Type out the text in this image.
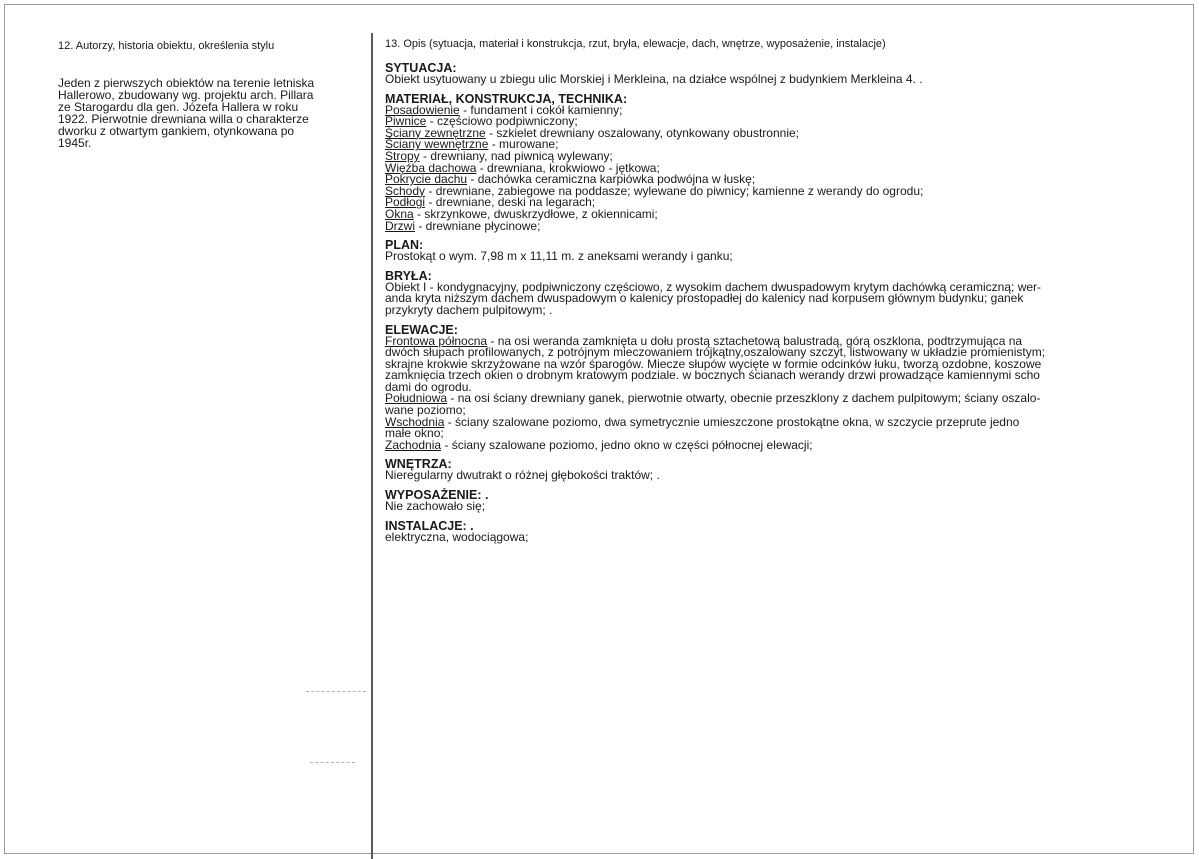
12. Autorzy, historia obiektu, określenia stylu
Jeden z pierwszych obiektów na terenie letniska
Hallerowo, zbudowany wg. projektu arch. Pillara
ze Starogardu dla gen. Józefa Hallera w roku
1922. Pierwotnie drewniana willa o charakterze
dworku z otwartym gankiem, otynkowana po
1945r.
13. Opis (sytuacja, materiał i konstrukcja, rzut, bryła, elewacje, dach, wnętrze, wyposażenie, instalacje)
SYTUACJA:
Obiekt usytuowany u zbiegu ulic Morskiej i Merkleina, na działce wspólnej z budynkiem Merkleina 4. .
MATERIAŁ, KONSTRUKCJA, TECHNIKA:
Posadowienie - fundament i cokół kamienny;
Piwnice - częściowo podpiwniczony;
Ściany zewnętrzne - szkielet drewniany oszalowany, otynkowany obustronnie;
Ściany wewnętrzne - murowane;
Stropy - drewniany, nad piwnicą wylewany;
Więźba dachowa - drewniana, krokwiowo - jętkowa;
Pokrycie dachu - dachówka ceramiczna karpiówka podwójna w łuskę;
Schody - drewniane, zabiegowe na poddasze; wylewane do piwnicy; kamienne z werandy do ogrodu;
Podłogi - drewniane, deski na legarach;
Okna - skrzynkowe, dwuskrzydłowe, z okiennicami;
Drzwi - drewniane płycinowe;
PLAN:
Prostokąt o wym. 7,98 m x 11,11 m. z aneksami werandy i ganku;
BRYŁA:
Obiekt I - kondygnacyjny, podpiwniczony częściowo, z wysokim dachem dwuspadowym krytym dachówką ceramiczną; wer-
anda kryta niższym dachem dwuspadowym o kalenicy prostopadłej do kalenicy nad korpusem głównym budynku; ganek
przykryty dachem pulpitowym; .
ELEWACJE:
Frontowa północna - na osi weranda zamknięta u dołu prostą sztachetową balustradą, górą oszklona, podtrzymująca na
dwóch słupach profilowanych, z potrójnym mieczowaniem trójkątny,oszalowany szczyt, listwowany w układzie promienistym;
skrajne krokwie skrzyżowane na wzór śparogów. Miecze słupów wycięte w formie odcinków łuku, tworzą ozdobne, koszowe
zamknięcia trzech okien o drobnym kratowym podziale. w bocznych ścianach werandy drzwi prowadzące kamiennymi scho
dami do ogrodu.
Południowa - na osi ściany drewniany ganek, pierwotnie otwarty, obecnie przeszklony z dachem pulpitowym; ściany oszalo-
wane poziomo;
Wschodnia - ściany szalowane poziomo, dwa symetrycznie umieszczone prostokątne okna, w szczycie przeprute jedno
małe okno;
Zachodnia - ściany szalowane poziomo, jedno okno w części północnej elewacji;
WNĘTRZA:
Nieregularny dwutrakt o różnej głębokości traktów; .
WYPOSAŻENIE: .
Nie zachowało się;
INSTALACJE: .
elektryczna, wodociągowa;
